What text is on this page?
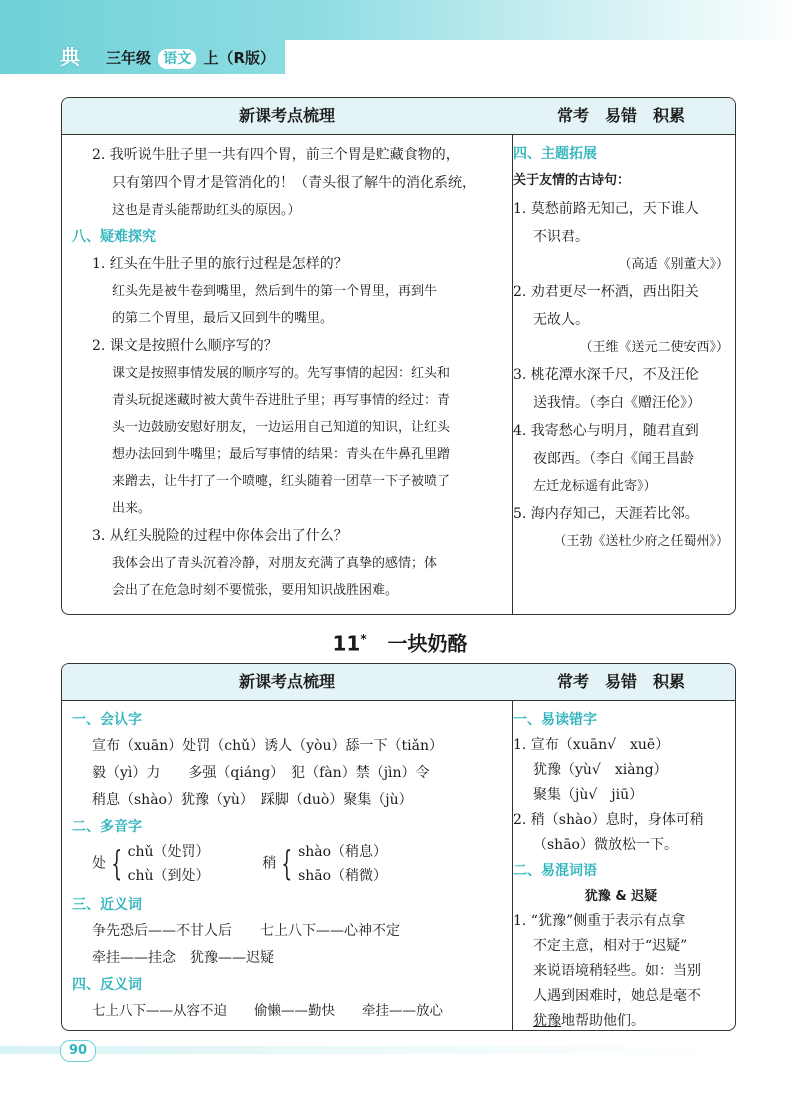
典	三年级 语文 上（R版）
新课考点梳理
2. 我听说牛肚子里一共有四个胃，前三个胃是贮藏食物的，
只有第四个胃才是管消化的！（青头很了解牛的消化系统，
这也是青头能帮助红头的原因。）
八、疑难探究
1. 红头在牛肚子里的旅行过程是怎样的？
红头先是被牛卷到嘴里，然后到牛的第一个胃里，再到牛
的第二个胃里，最后又回到牛的嘴里。
2. 课文是按照什么顺序写的？
课文是按照事情发展的顺序写的。先写事情的起因：红头和
青头玩捉迷藏时被大黄牛吞进肚子里；再写事情的经过：青
头一边鼓励安慰好朋友，一边运用自己知道的知识，让红头
想办法回到牛嘴里；最后写事情的结果：青头在牛鼻孔里蹭
来蹭去，让牛打了一个喷嚏，红头随着一团草一下子被喷了
出来。
3. 从红头脱险的过程中你体会出了什么？
我体会出了青头沉着冷静，对朋友充满了真挚的感情；体
会出了在危急时刻不要慌张，要用知识战胜困难。
常考　易错　积累
四、主题拓展
关于友情的古诗句：
1. 莫愁前路无知己，天下谁人
不识君。
（高适《别董大》）
2. 劝君更尽一杯酒，西出阳关
无故人。
（王维《送元二使安西》）
3. 桃花潭水深千尺，不及汪伦
送我情。（李白《赠汪伦》）
4. 我寄愁心与明月，随君直到
夜郎西。（李白《闻王昌龄
左迁龙标遥有此寄》）
5. 海内存知己，天涯若比邻。
（王勃《送杜少府之任蜀州》）
11* 一块奶酪
新课考点梳理
一、会认字
宣布（xuān）处罚（chǔ）诱人（yòu）舔一下（tiǎn）
毅（yì）力　　多强（qiáng）　犯（fàn）禁（jìn）令
稍息（shào）犹豫（yù）　踩脚（duò）聚集（jù）
二、多音字
处 { chǔ（处罚）
chù（到处）  稍 { shào（稍息）
shāo（稍微）
三、近义词
争先恐后——不甘人后　　七上八下——心神不定
牵挂——挂念　犹豫——迟疑
四、反义词
七上八下——从容不迫　　偷懒——勤快　　牵挂——放心
常考　易错　积累
一、易读错字
1. 宣布（xuān√　xuē）
犹豫（yù√　xiàng）
聚集（jù√　jiū）
2. 稍（shào）息时，身体可稍
（shāo）微放松一下。
二、易混词语
犹豫 & 迟疑
1. “犹豫”侧重于表示有点拿
不定主意，相对于“迟疑”
来说语境稍轻些。如：当别
人遇到困难时，她总是毫不
犹豫地帮助他们。
90
